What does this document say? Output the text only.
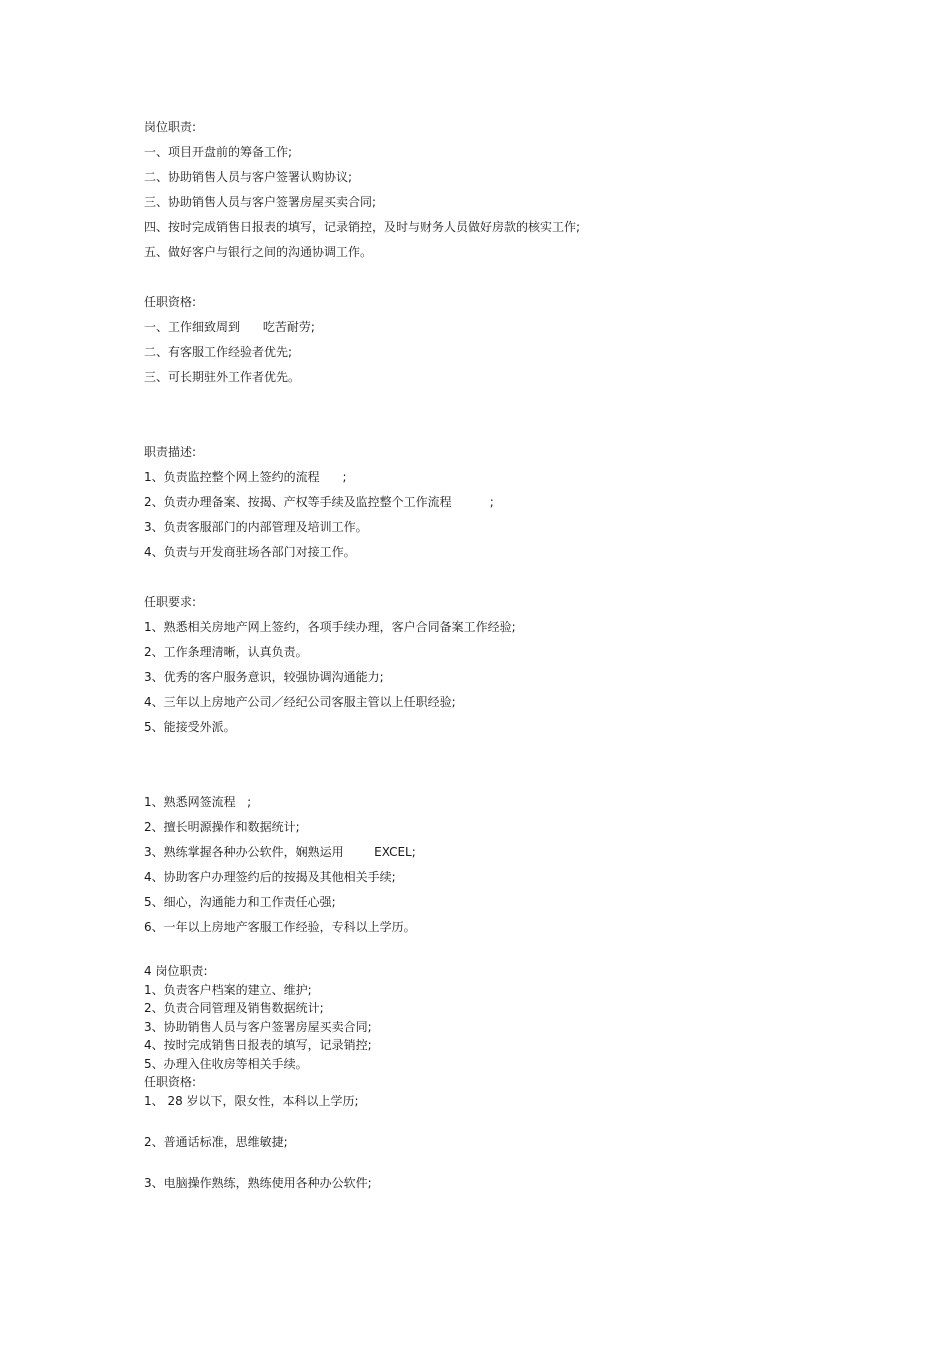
岗位职责:

一、项目开盘前的筹备工作;

二、协助销售人员与客户签署认购协议;

三、协助销售人员与客户签署房屋买卖合同;

四、按时完成销售日报表的填写，记录销控，及时与财务人员做好房款的核实工作;

五、做好客户与银行之间的沟通协调工作。

任职资格:

一、工作细致周到      吃苦耐劳;

二、有客服工作经验者优先;

三、可长期驻外工作者优先。

职责描述:

1、负责监控整个网上签约的流程      ;

2、负责办理备案、按揭、产权等手续及监控整个工作流程          ;

3、负责客服部门的内部管理及培训工作。

4、负责与开发商驻场各部门对接工作。

任职要求:

1、熟悉相关房地产网上签约，各项手续办理，客户合同备案工作经验;

2、工作条理清晰，认真负责。

3、优秀的客户服务意识，较强协调沟通能力;

4、三年以上房地产公司／经纪公司客服主管以上任职经验;

5、能接受外派。

1、熟悉网签流程   ;

2、擅长明源操作和数据统计;

3、熟练掌握各种办公软件，娴熟运用        EXCEL;

4、协助客户办理签约后的按揭及其他相关手续;

5、细心，沟通能力和工作责任心强;

6、一年以上房地产客服工作经验，专科以上学历。

4 岗位职责:

1、负责客户档案的建立、维护;

2、负责合同管理及销售数据统计;

3、协助销售人员与客户签署房屋买卖合同;

4、按时完成销售日报表的填写，记录销控;

5、办理入住收房等相关手续。

任职资格:

1、 28 岁以下，限女性，本科以上学历;

2、普通话标准，思维敏捷;

3、电脑操作熟练，熟练使用各种办公软件;
